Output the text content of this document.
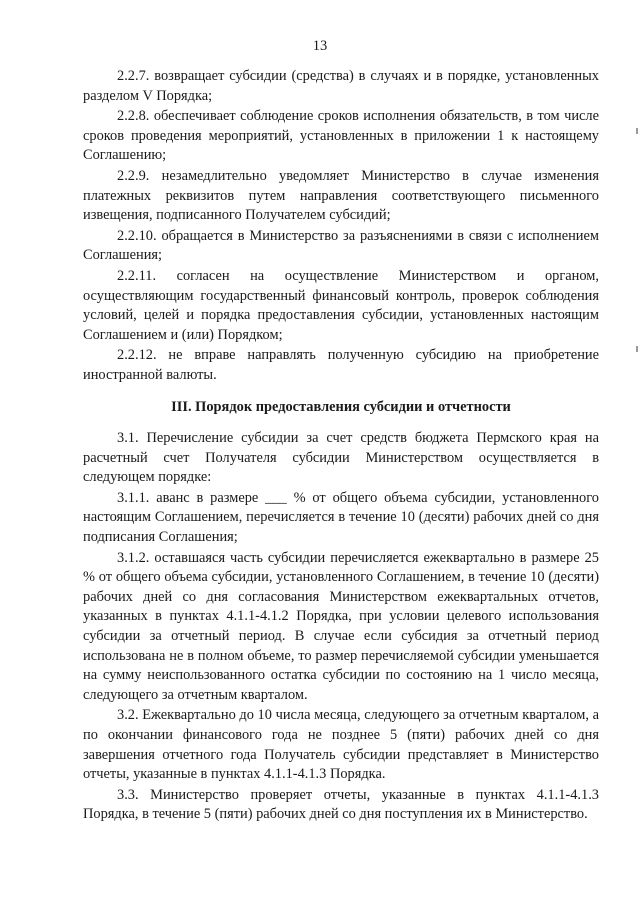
13

2.2.7. возвращает субсидии (средства) в случаях и в порядке, установленных разделом V Порядка;

2.2.8. обеспечивает соблюдение сроков исполнения обязательств, в том числе сроков проведения мероприятий, установленных в приложении 1 к настоящему Соглашению;

2.2.9. незамедлительно уведомляет Министерство в случае изменения платежных реквизитов путем направления соответствующего письменного извещения, подписанного Получателем субсидий;

2.2.10. обращается в Министерство за разъяснениями в связи с исполнением Соглашения;

2.2.11. согласен на осуществление Министерством и органом, осуществляющим государственный финансовый контроль, проверок соблюдения условий, целей и порядка предоставления субсидии, установленных настоящим Соглашением и (или) Порядком;

2.2.12. не вправе направлять полученную субсидию на приобретение иностранной валюты.

III. Порядок предоставления субсидии и отчетности

3.1. Перечисление субсидии за счет средств бюджета Пермского края на расчетный счет Получателя субсидии Министерством осуществляется в следующем порядке:

3.1.1. аванс в размере ___ % от общего объема субсидии, установленного настоящим Соглашением, перечисляется в течение 10 (десяти) рабочих дней со дня подписания Соглашения;

3.1.2. оставшаяся часть субсидии перечисляется ежеквартально в размере 25 % от общего объема субсидии, установленного Соглашением, в течение 10 (десяти) рабочих дней со дня согласования Министерством ежеквартальных отчетов, указанных в пунктах 4.1.1-4.1.2 Порядка, при условии целевого использования субсидии за отчетный период. В случае если субсидия за отчетный период использована не в полном объеме, то размер перечисляемой субсидии уменьшается на сумму неиспользованного остатка субсидии по состоянию на 1 число месяца, следующего за отчетным кварталом.

3.2. Ежеквартально до 10 числа месяца, следующего за отчетным кварталом, а по окончании финансового года не позднее 5 (пяти) рабочих дней со дня завершения отчетного года Получатель субсидии представляет в Министерство отчеты, указанные в пунктах 4.1.1-4.1.3 Порядка.

3.3. Министерство проверяет отчеты, указанные в пунктах 4.1.1-4.1.3 Порядка, в течение 5 (пяти) рабочих дней со дня поступления их в Министерство.
